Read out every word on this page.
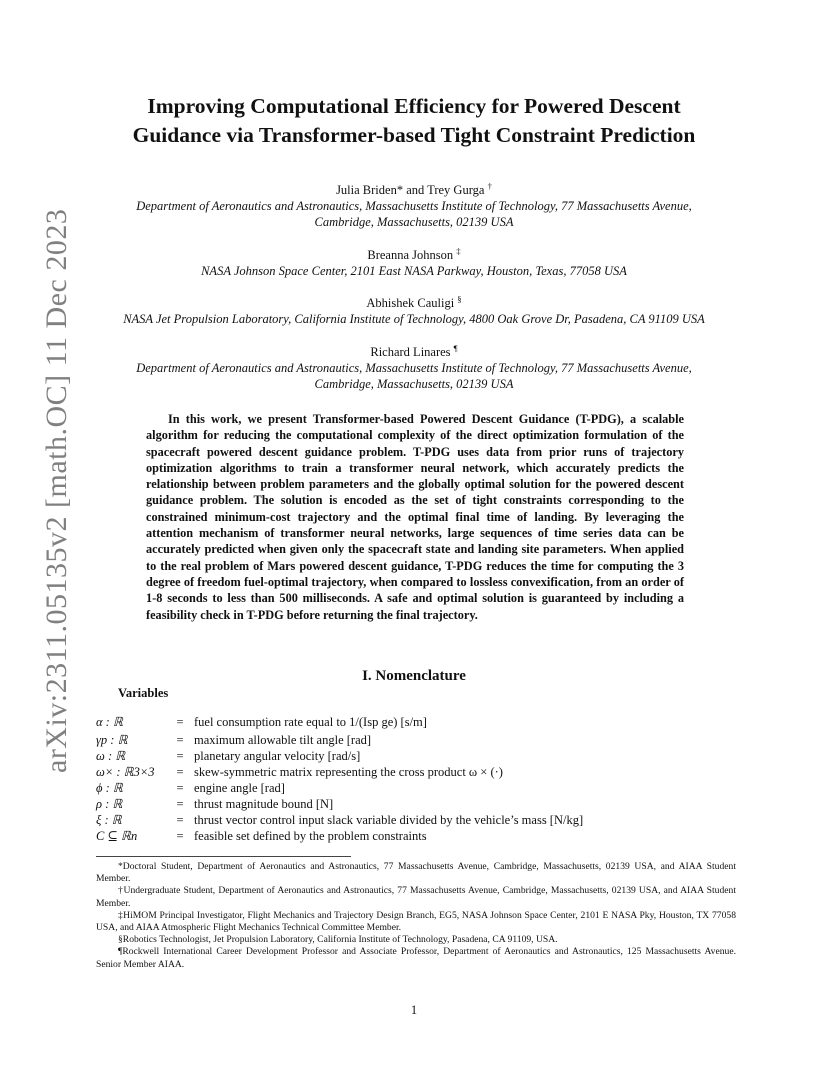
arXiv:2311.05135v2 [math.OC] 11 Dec 2023
Improving Computational Efficiency for Powered Descent
Guidance via Transformer-based Tight Constraint Prediction
Julia Briden* and Trey Gurga †
Department of Aeronautics and Astronautics, Massachusetts Institute of Technology, 77 Massachusetts Avenue,
Cambridge, Massachusetts, 02139 USA
Breanna Johnson ‡
NASA Johnson Space Center, 2101 East NASA Parkway, Houston, Texas, 77058 USA
Abhishek Cauligi §
NASA Jet Propulsion Laboratory, California Institute of Technology, 4800 Oak Grove Dr, Pasadena, CA 91109 USA
Richard Linares ¶
Department of Aeronautics and Astronautics, Massachusetts Institute of Technology, 77 Massachusetts Avenue,
Cambridge, Massachusetts, 02139 USA

In this work, we present Transformer-based Powered Descent Guidance (T-PDG), a scalable algorithm for reducing the computational complexity of the direct optimization formulation of the spacecraft powered descent guidance problem. T-PDG uses data from prior runs of trajectory optimization algorithms to train a transformer neural network, which accurately predicts the relationship between problem parameters and the globally optimal solution for the powered descent guidance problem. The solution is encoded as the set of tight constraints corresponding to the constrained minimum-cost trajectory and the optimal final time of landing. By leveraging the attention mechanism of transformer neural networks, large sequences of time series data can be accurately predicted when given only the spacecraft state and landing site parameters. When applied to the real problem of Mars powered descent guidance, T-PDG reduces the time for computing the 3 degree of freedom fuel-optimal trajectory, when compared to lossless convexification, from an order of 1-8 seconds to less than 500 milliseconds. A safe and optimal solution is guaranteed by including a feasibility check in T-PDG before returning the final trajectory.

I. Nomenclature
Variables
α : ℝ	= fuel consumption rate equal to 1/(Isp ge) [s/m]
γp : ℝ	= maximum allowable tilt angle [rad]
ω : ℝ	= planetary angular velocity [rad/s]
ω× : ℝ3×3	= skew-symmetric matrix representing the cross product ω × (·)
ϕ : ℝ	= engine angle [rad]
ρ : ℝ	= thrust magnitude bound [N]
ξ : ℝ	= thrust vector control input slack variable divided by the vehicle’s mass [N/kg]
C ⊆ ℝn	= feasible set defined by the problem constraints

*Doctoral Student, Department of Aeronautics and Astronautics, 77 Massachusetts Avenue, Cambridge, Massachusetts, 02139 USA, and AIAA Student Member.

†Undergraduate Student, Department of Aeronautics and Astronautics, 77 Massachusetts Avenue, Cambridge, Massachusetts, 02139 USA, and AIAA Student Member.

‡HiMOM Principal Investigator, Flight Mechanics and Trajectory Design Branch, EG5, NASA Johnson Space Center, 2101 E NASA Pky, Houston, TX 77058 USA, and AIAA Atmospheric Flight Mechanics Technical Committee Member.

§Robotics Technologist, Jet Propulsion Laboratory, California Institute of Technology, Pasadena, CA 91109, USA.

¶Rockwell International Career Development Professor and Associate Professor, Department of Aeronautics and Astronautics, 125 Massachusetts Avenue. Senior Member AIAA.

1
